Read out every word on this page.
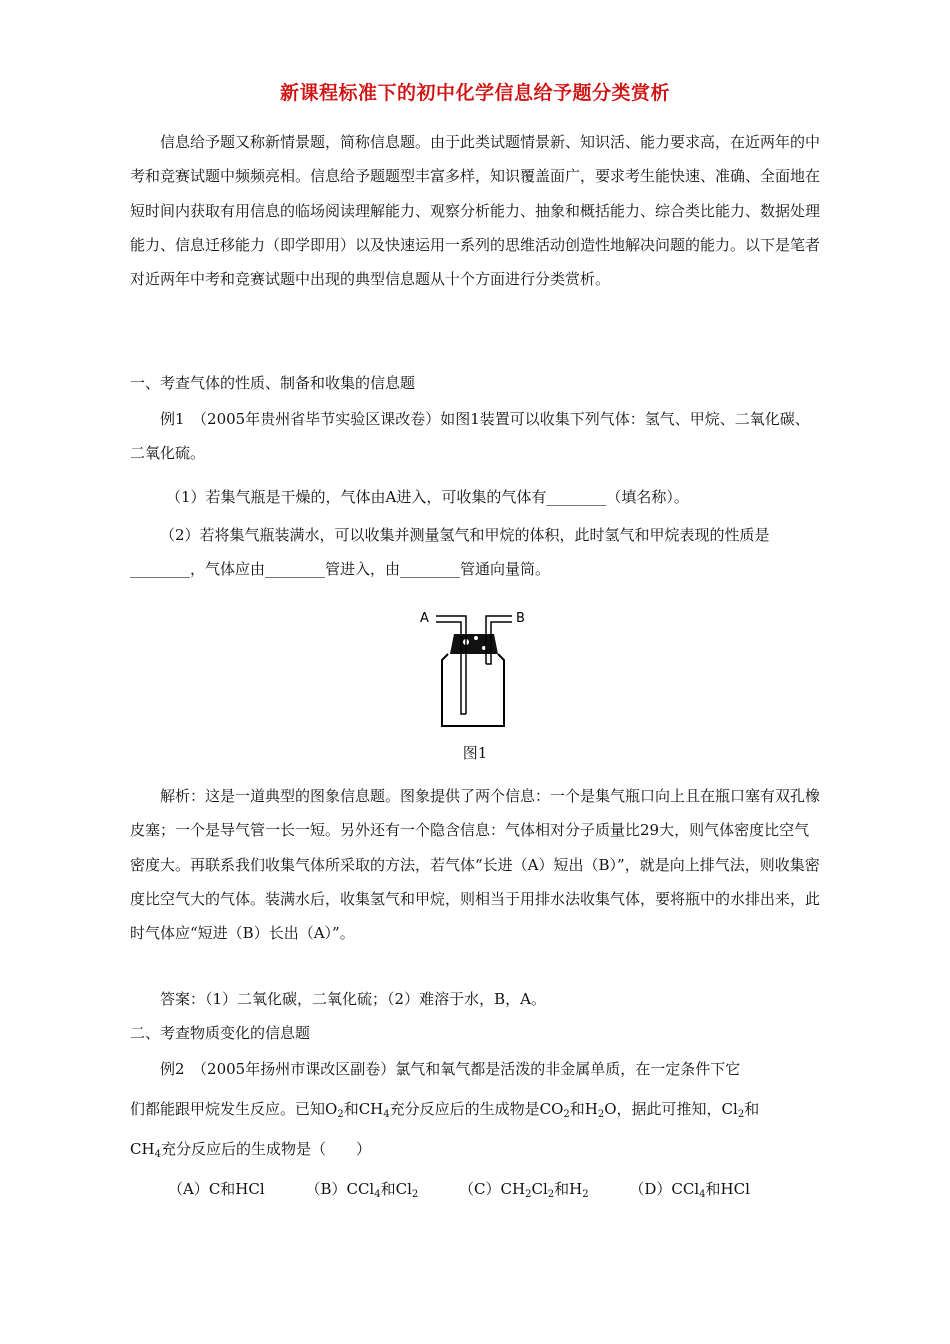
新课程标准下的初中化学信息给予题分类赏析
信息给予题又称新情景题，简称信息题。由于此类试题情景新、知识活、能力要求高，在近两年的中考和竞赛试题中频频亮相。信息给予题题型丰富多样，知识覆盖面广，要求考生能快速、准确、全面地在短时间内获取有用信息的临场阅读理解能力、观察分析能力、抽象和概括能力、综合类比能力、数据处理能力、信息迁移能力（即学即用）以及快速运用一系列的思维活动创造性地解决问题的能力。以下是笔者对近两年中考和竞赛试题中出现的典型信息题从十个方面进行分类赏析。
一、考查气体的性质、制备和收集的信息题
例1　（2005年贵州省毕节实验区课改卷）如图1装置可以收集下列气体：氢气、甲烷、二氧化碳、二氧化硫。
（1）若集气瓶是干燥的，气体由A进入，可收集的气体有________（填名称）。
（2）若将集气瓶装满水，可以收集并测量氢气和甲烷的体积，此时氢气和甲烷表现的性质是________，气体应由________管进入，由________管通向量筒。
A	B
图1
解析：这是一道典型的图象信息题。图象提供了两个信息：一个是集气瓶口向上且在瓶口塞有双孔橡皮塞；一个是导气管一长一短。另外还有一个隐含信息：气体相对分子质量比29大，则气体密度比空气密度大。再联系我们收集气体所采取的方法，若气体“长进（A）短出（B）”，就是向上排气法，则收集密度比空气大的气体。装满水后，收集氢气和甲烷，则相当于用排水法收集气体，要将瓶中的水排出来，此时气体应“短进（B）长出（A）”。
答案：（1）二氧化碳，二氧化硫；（2）难溶于水，B，A。
二、考查物质变化的信息题
例2　（2005年扬州市课改区副卷）氯气和氧气都是活泼的非金属单质，在一定条件下它
们都能跟甲烷发生反应。已知$O_2$和$CH_4$充分反应后的生成物是$CO_2$和$H_2O$，据此可推知，$Cl_2$和
$CH_4$充分反应后的生成物是（　　）
（A）C和HCl	（B）CCl$_4$和$Cl_2$	$(C)CH_2Cl_2$和$H_2$	（D）CCl$_4$和HCl
